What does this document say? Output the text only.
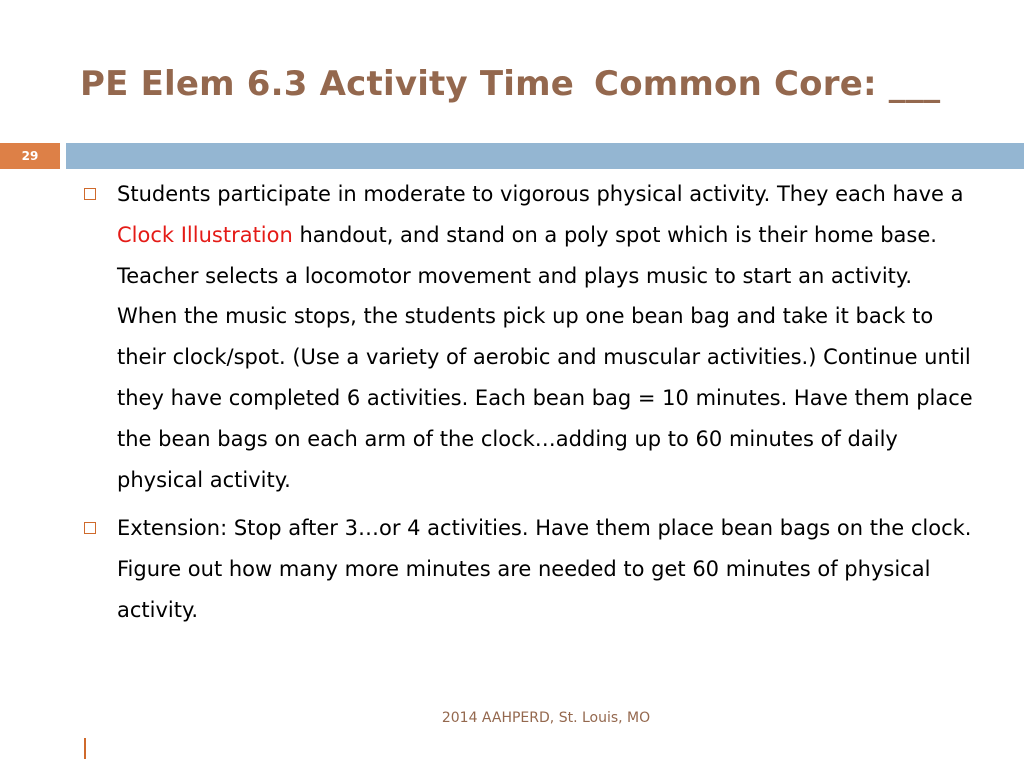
PE Elem 6.3 Activity Time Common Core: ___
29
Students participate in moderate to vigorous physical activity. They each have a Clock Illustration handout, and stand on a poly spot which is their home base. Teacher selects a locomotor movement and plays music to start an activity. When the music stops, the students pick up one bean bag and take it back to their clock/spot. (Use a variety of aerobic and muscular activities.) Continue until they have completed 6 activities. Each bean bag = 10 minutes. Have them place the bean bags on each arm of the clock…adding up to 60 minutes of daily physical activity.
Extension: Stop after 3…or 4 activities. Have them place bean bags on the clock. Figure out how many more minutes are needed to get 60 minutes of physical activity.
2014 AAHPERD, St. Louis, MO
